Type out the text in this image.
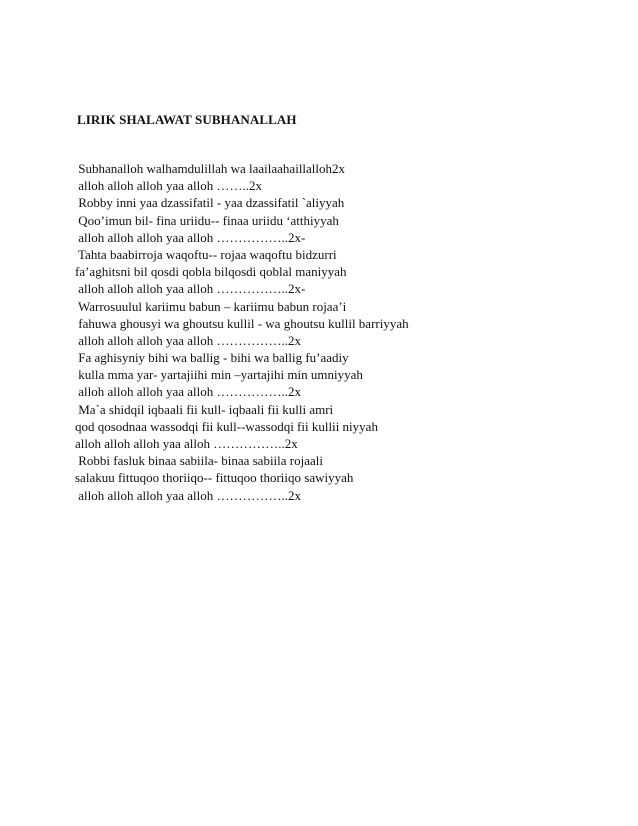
LIRIK SHALAWAT SUBHANALLAH
Subhanalloh walhamdulillah wa laailaahaillalloh2x
alloh alloh alloh yaa alloh ……..2x
Robby inni yaa dzassifatil - yaa dzassifatil `aliyyah
Qoo’imun bil- fina uriidu-- finaa uriidu ‘atthiyyah
alloh alloh alloh yaa alloh ……………..2x-
Tahta baabirroja waqoftu-- rojaa waqoftu bidzurri
fa’aghitsni bil qosdi qobla bilqosdi qoblal maniyyah
alloh alloh alloh yaa alloh ……………..2x-
Warrosuulul kariimu babun – kariimu babun rojaa’i
fahuwa ghousyi wa ghoutsu kullil - wa ghoutsu kullil barriyyah
alloh alloh alloh yaa alloh ……………..2x
Fa aghisyniy bihi wa ballig - bihi wa ballig fu’aadiy
kulla mma yar- yartajiihi min –yartajihi min umniyyah
alloh alloh alloh yaa alloh ……………..2x
Ma`a shidqil iqbaali fii kull- iqbaali fii kulli amri
qod qosodnaa wassodqi fii kull--wassodqi fii kullii niyyah
alloh alloh alloh yaa alloh ……………..2x
Robbi fasluk binaa sabiila- binaa sabiila rojaali
salakuu fittuqoo thoriiqo-- fittuqoo thoriiqo sawiyyah
alloh alloh alloh yaa alloh ……………..2x
